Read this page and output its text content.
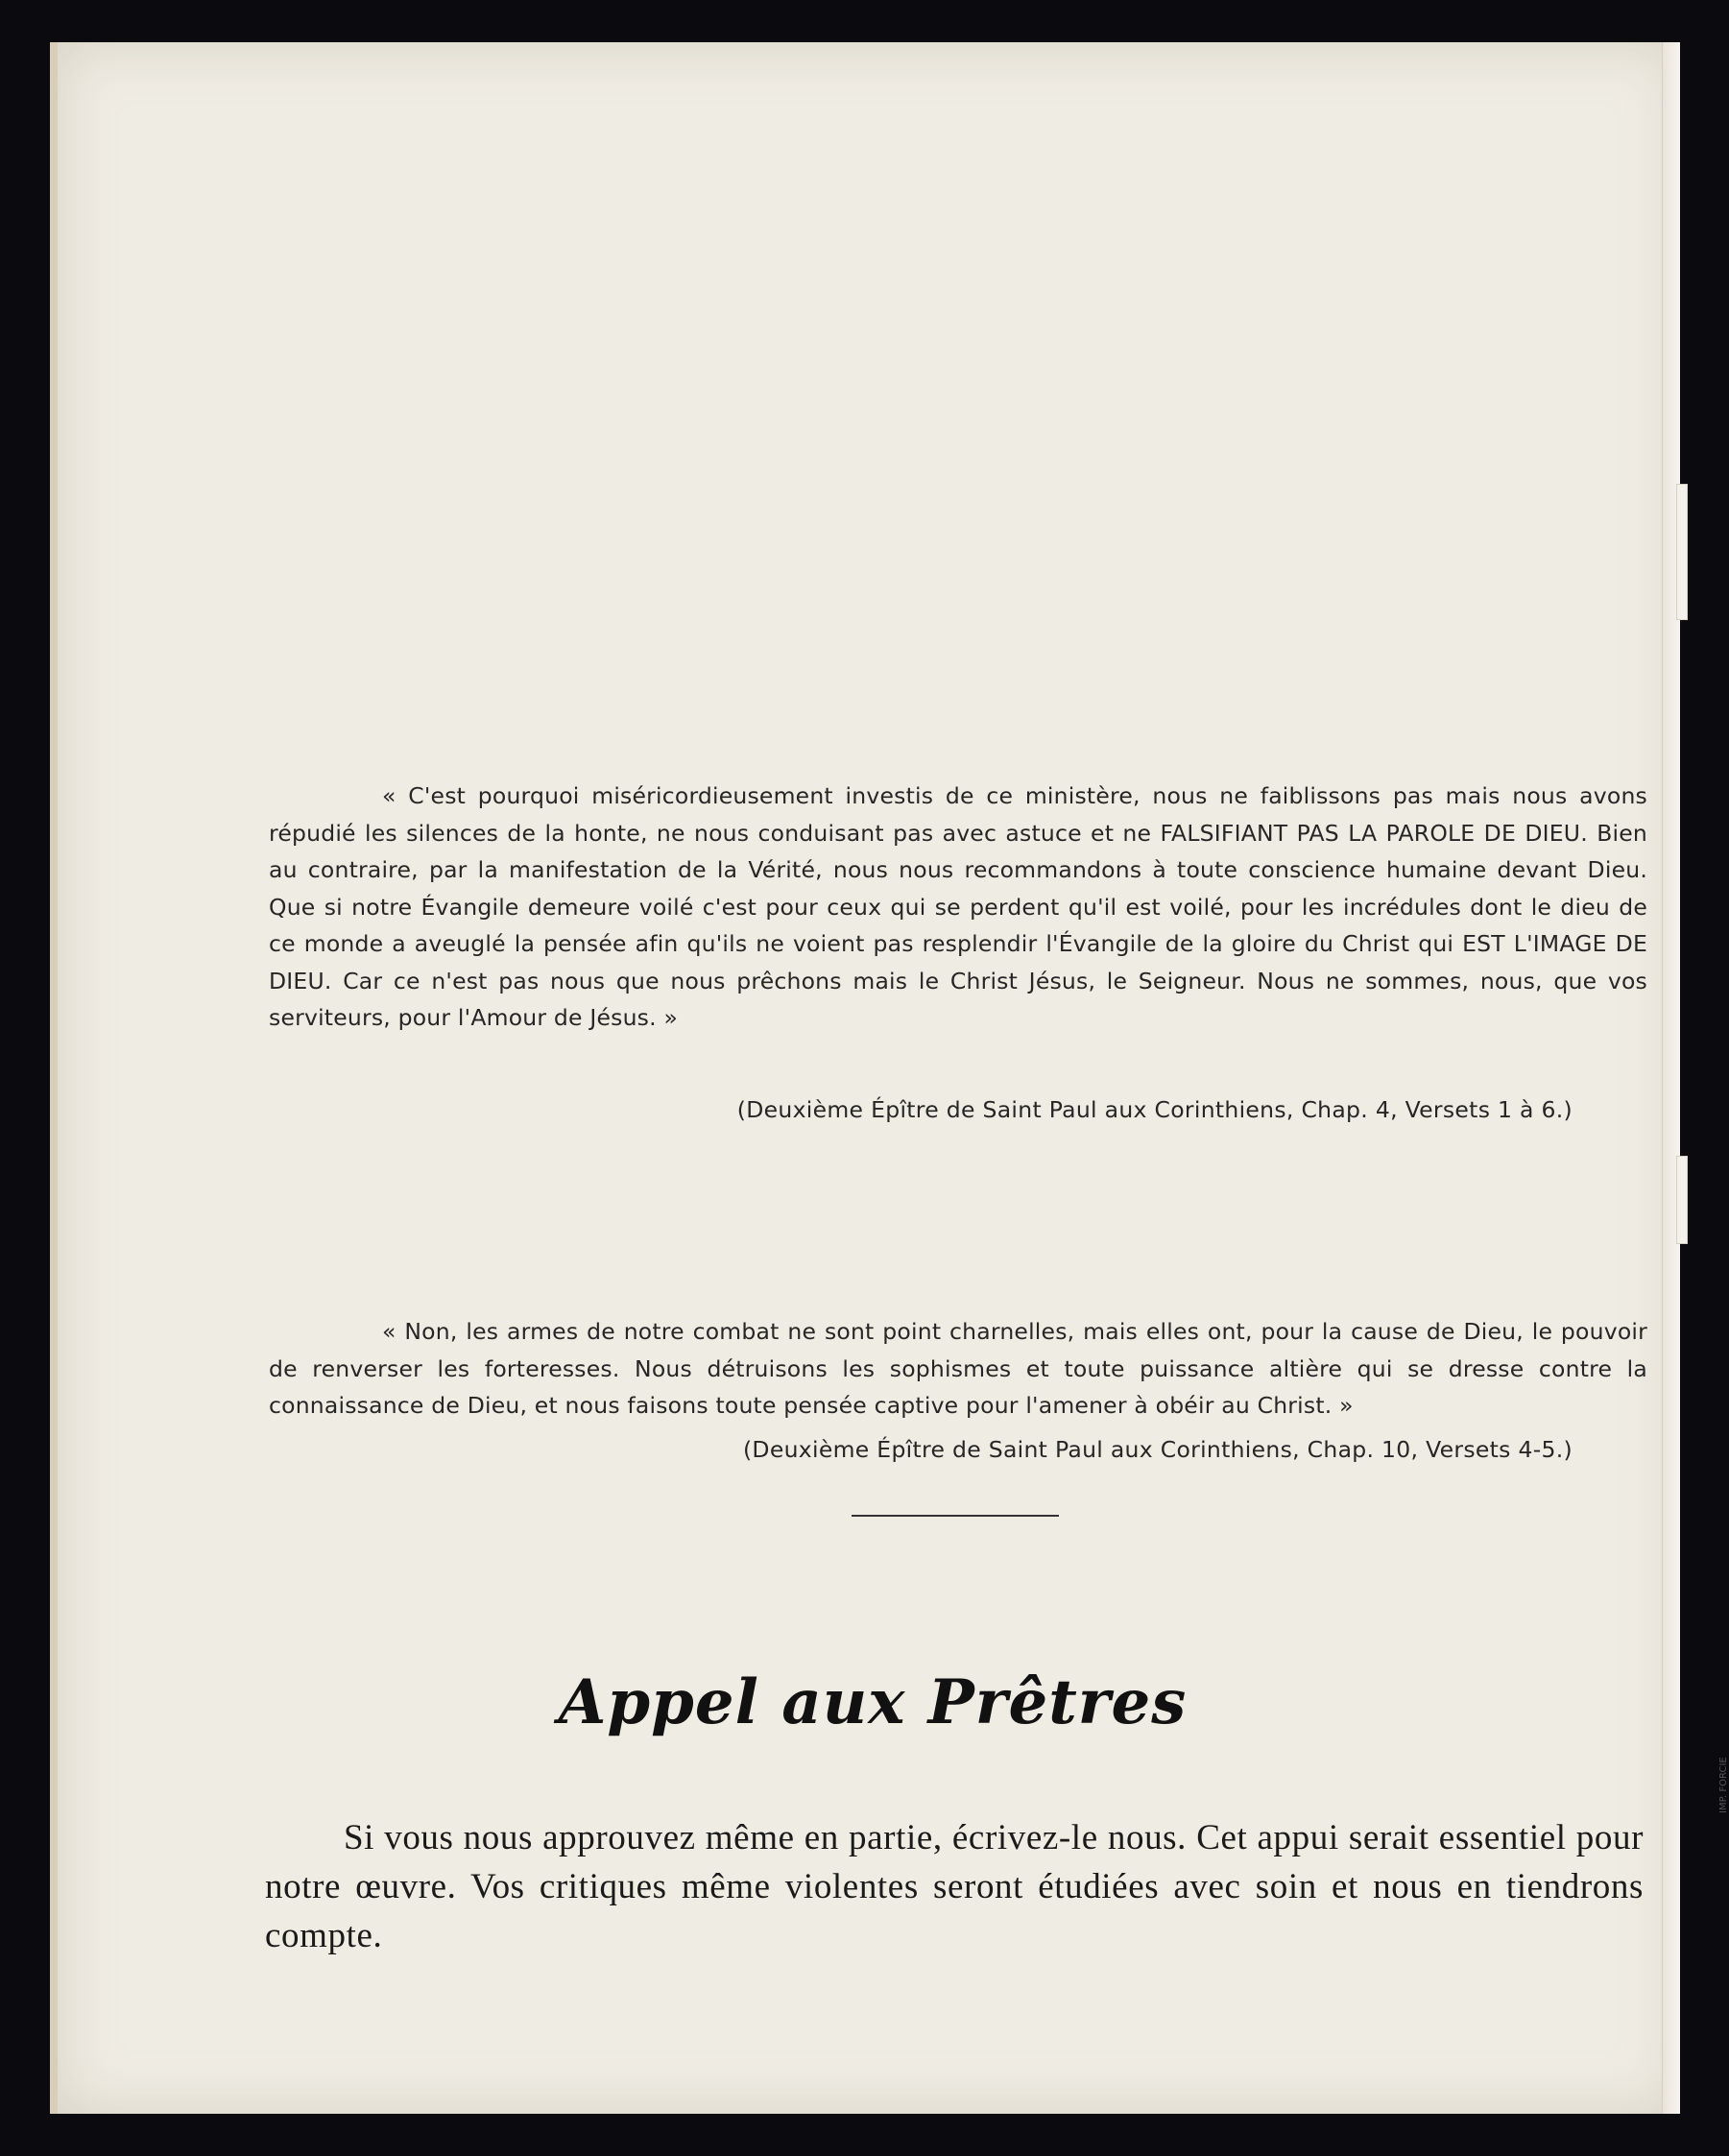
« C'est pourquoi miséricordieusement investis de ce ministère, nous ne faiblissons pas mais nous avons répudié les silences de la honte, ne nous conduisant pas avec astuce et ne FALSIFIANT PAS LA PAROLE DE DIEU. Bien au contraire, par la manifestation de la Vérité, nous nous recommandons à toute conscience humaine devant Dieu. Que si notre Évangile demeure voilé c'est pour ceux qui se perdent qu'il est voilé, pour les incrédules dont le dieu de ce monde a aveuglé la pensée afin qu'ils ne voient pas resplendir l'Évangile de la gloire du Christ qui EST L'IMAGE DE DIEU. Car ce n'est pas nous que nous prêchons mais le Christ Jésus, le Seigneur. Nous ne sommes, nous, que vos serviteurs, pour l'Amour de Jésus. »

(Deuxième Épître de Saint Paul aux Corinthiens, Chap. 4, Versets 1 à 6.)

« Non, les armes de notre combat ne sont point charnelles, mais elles ont, pour la cause de Dieu, le pouvoir de renverser les forteresses. Nous détruisons les sophismes et toute puissance altière qui se dresse contre la connaissance de Dieu, et nous faisons toute pensée captive pour l'amener à obéir au Christ. »

(Deuxième Épître de Saint Paul aux Corinthiens, Chap. 10, Versets 4-5.)

Appel aux Prêtres

Si vous nous approuvez même en partie, écrivez-le nous. Cet appui serait essentiel pour notre œuvre. Vos critiques même violentes seront étudiées avec soin et nous en tiendrons compte.

IMP. FORCIE
